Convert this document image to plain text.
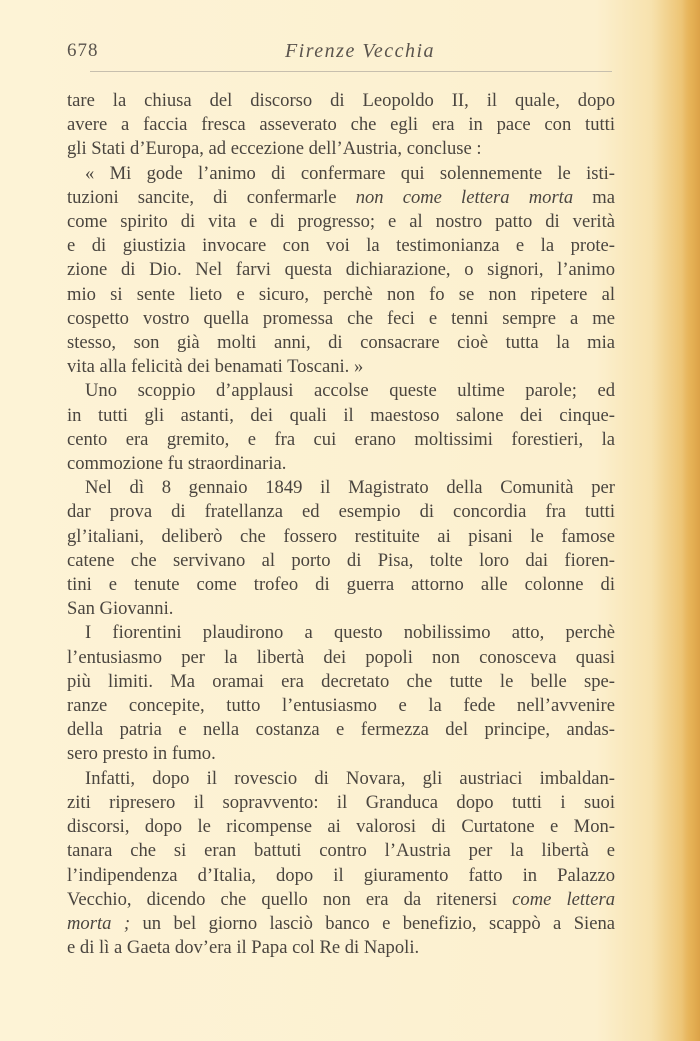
678	Firenze Vecchia
tare la chiusa del discorso di Leopoldo II, il quale, dopo
avere a faccia fresca asseverato che egli era in pace con tutti
gli Stati d’Europa, ad eccezione dell’Austria, concluse :
« Mi gode l’animo di confermare qui solennemente le isti-
tuzioni sancite, di confermarle non come lettera morta ma
come spirito di vita e di progresso; e al nostro patto di verità
e di giustizia invocare con voi la testimonianza e la prote-
zione di Dio. Nel farvi questa dichiarazione, o signori, l’animo
mio si sente lieto e sicuro, perchè non fo se non ripetere al
cospetto vostro quella promessa che feci e tenni sempre a me
stesso, son già molti anni, di consacrare cioè tutta la mia
vita alla felicità dei benamati Toscani. »
Uno scoppio d’applausi accolse queste ultime parole; ed
in tutti gli astanti, dei quali il maestoso salone dei cinque-
cento era gremito, e fra cui erano moltissimi forestieri, la
commozione fu straordinaria.
Nel dì 8 gennaio 1849 il Magistrato della Comunità per
dar prova di fratellanza ed esempio di concordia fra tutti
gl’italiani, deliberò che fossero restituite ai pisani le famose
catene che servivano al porto di Pisa, tolte loro dai fioren-
tini e tenute come trofeo di guerra attorno alle colonne di
San Giovanni.
I fiorentini plaudirono a questo nobilissimo atto, perchè
l’entusiasmo per la libertà dei popoli non conosceva quasi
più limiti. Ma oramai era decretato che tutte le belle spe-
ranze concepite, tutto l’entusiasmo e la fede nell’avvenire
della patria e nella costanza e fermezza del principe, andas-
sero presto in fumo.
Infatti, dopo il rovescio di Novara, gli austriaci imbaldan-
ziti ripresero il sopravvento: il Granduca dopo tutti i suoi
discorsi, dopo le ricompense ai valorosi di Curtatone e Mon-
tanara che si eran battuti contro l’Austria per la libertà e
l’indipendenza d’Italia, dopo il giuramento fatto in Palazzo
Vecchio, dicendo che quello non era da ritenersi come lettera
morta ; un bel giorno lasciò banco e benefizio, scappò a Siena
e di lì a Gaeta dov’era il Papa col Re di Napoli.
